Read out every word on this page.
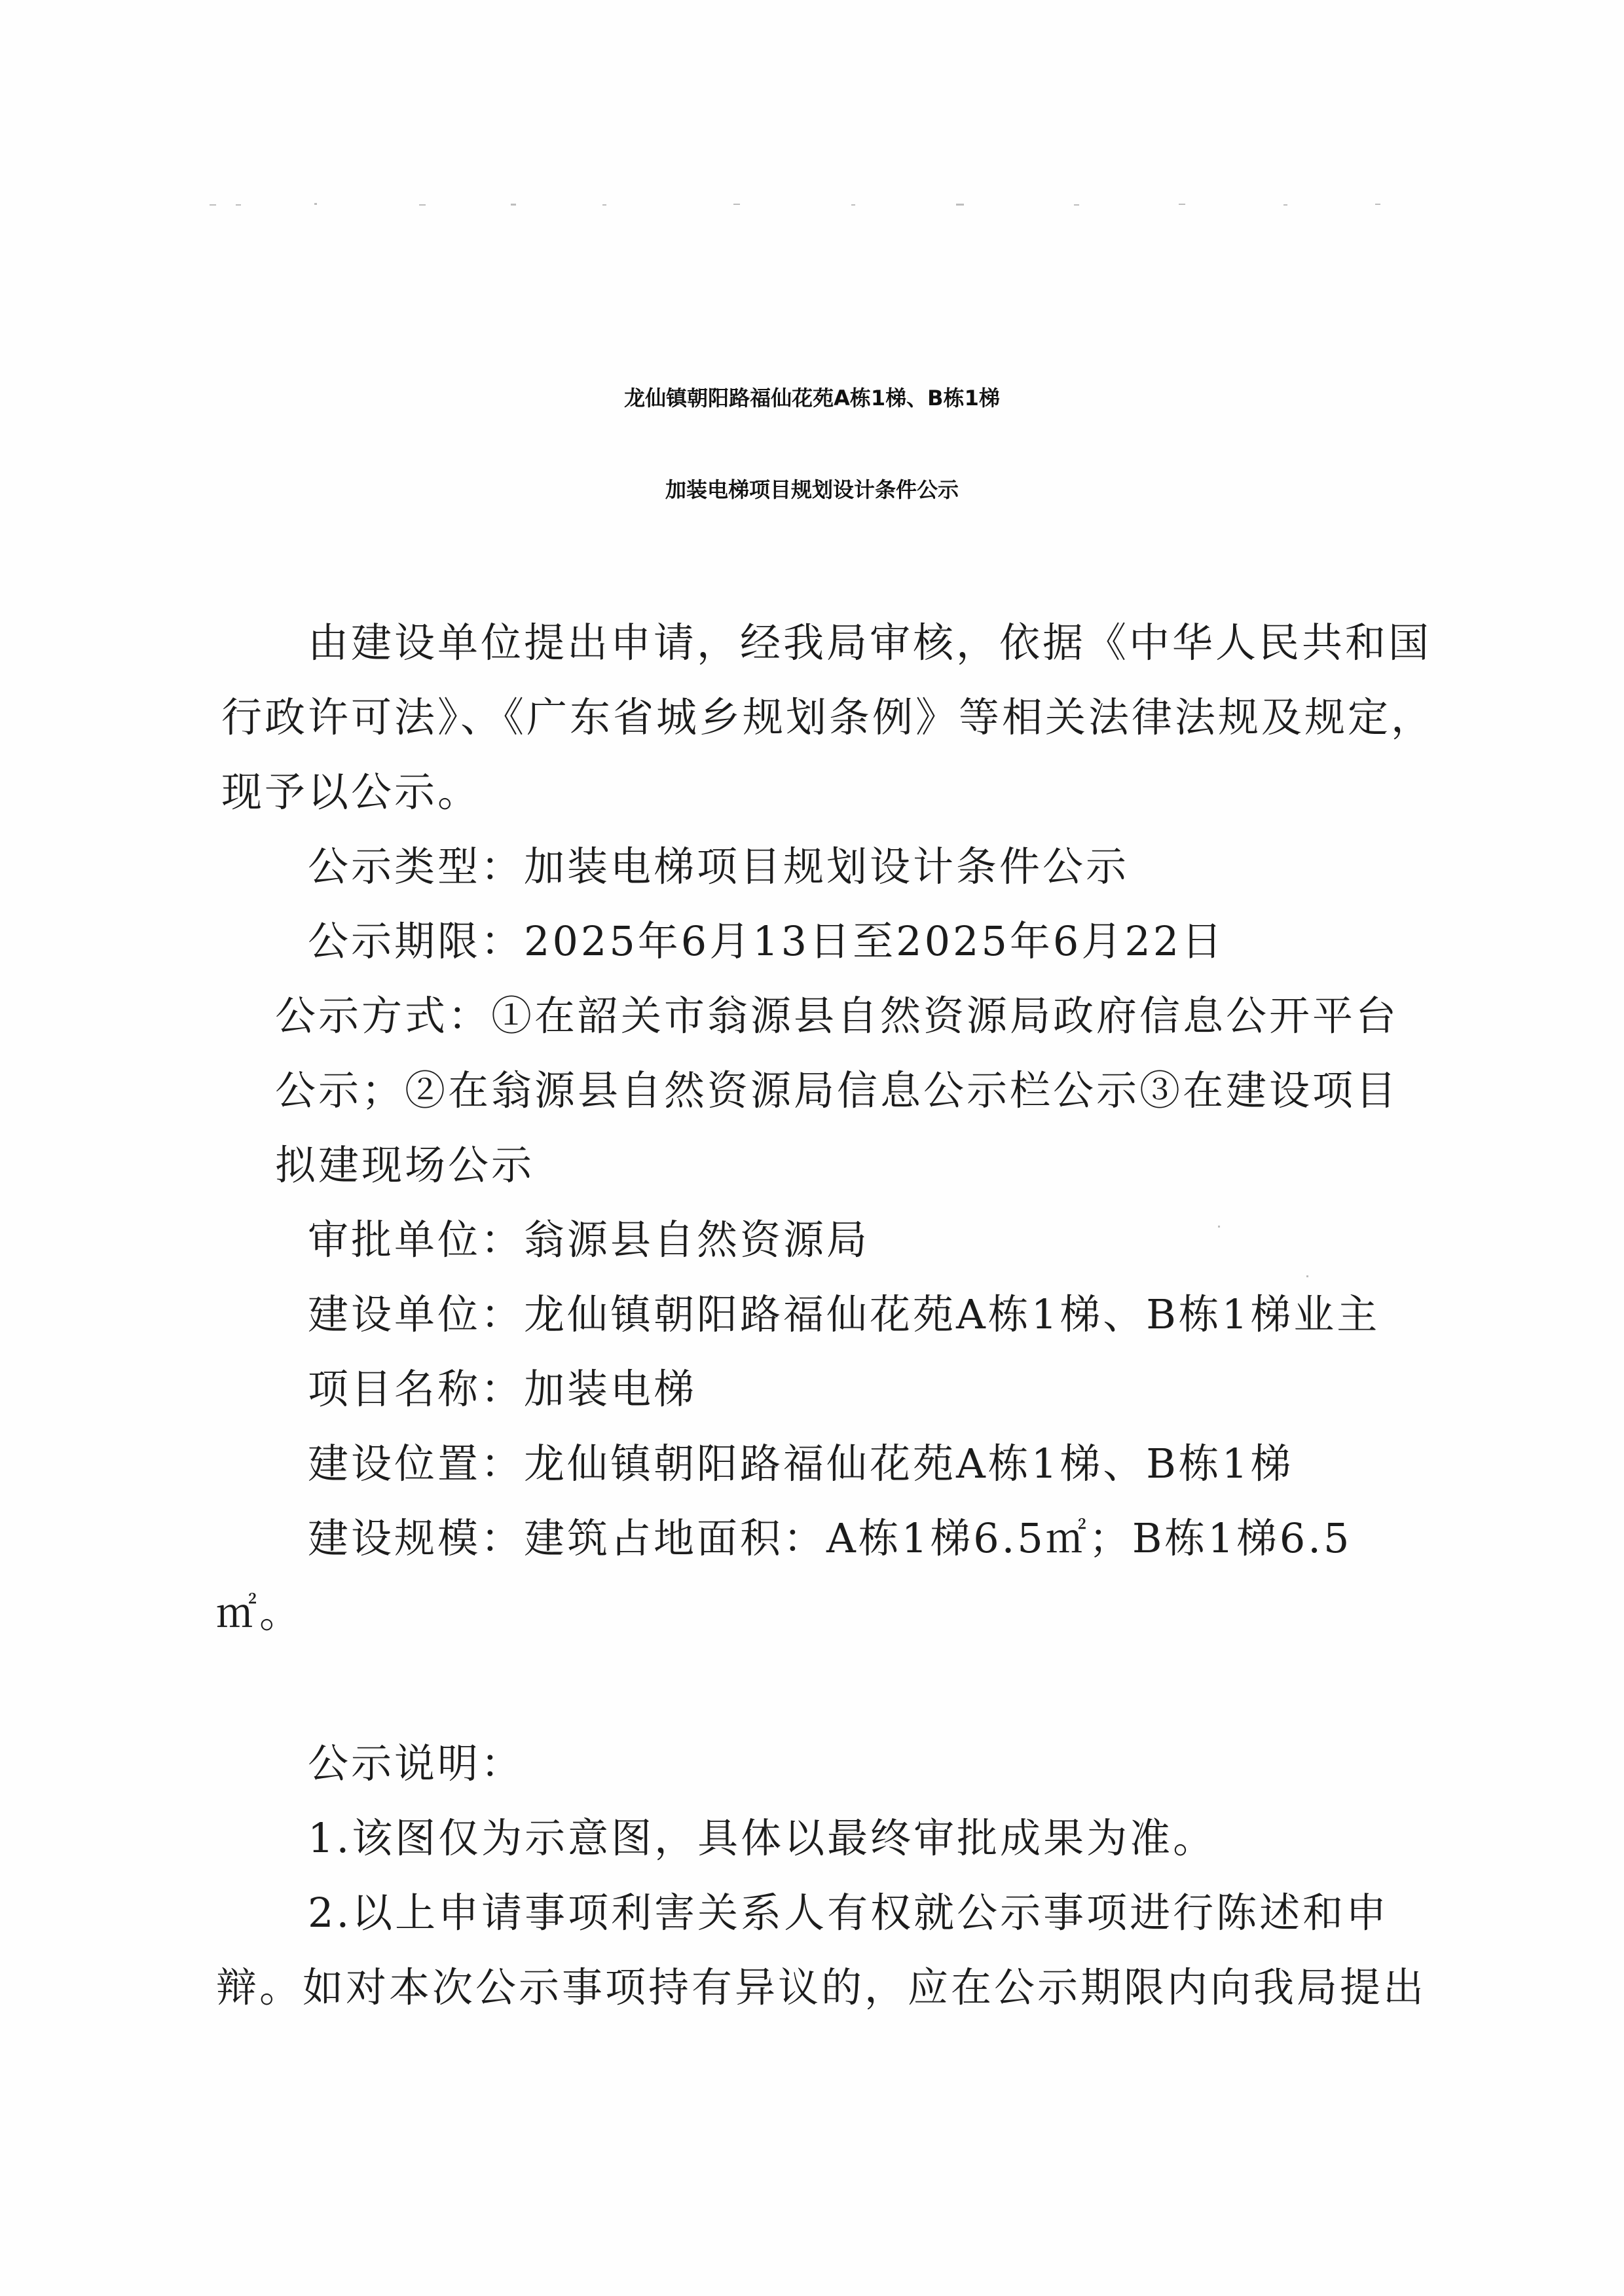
龙仙镇朝阳路福仙花苑A栋1梯、B栋1梯
加装电梯项目规划设计条件公示
由建设单位提出申请，经我局审核，依据《中华人民共和国
行政许可法》、《广东省城乡规划条例》等相关法律法规及规定，
现予以公示。
公示类型：加装电梯项目规划设计条件公示
公示期限：2025年6月13日至2025年6月22日
公示方式：①在韶关市翁源县自然资源局政府信息公开平台
公示；②在翁源县自然资源局信息公示栏公示③在建设项目
拟建现场公示
审批单位：翁源县自然资源局
建设单位：龙仙镇朝阳路福仙花苑A栋1梯、B栋1梯业主
项目名称：加装电梯
建设位置：龙仙镇朝阳路福仙花苑A栋1梯、B栋1梯
建设规模：建筑占地面积：A栋1梯6.5㎡；B栋1梯6.5
㎡。
公示说明：
1.该图仅为示意图，具体以最终审批成果为准。
2.以上申请事项利害关系人有权就公示事项进行陈述和申
辩。如对本次公示事项持有异议的，应在公示期限内向我局提出
